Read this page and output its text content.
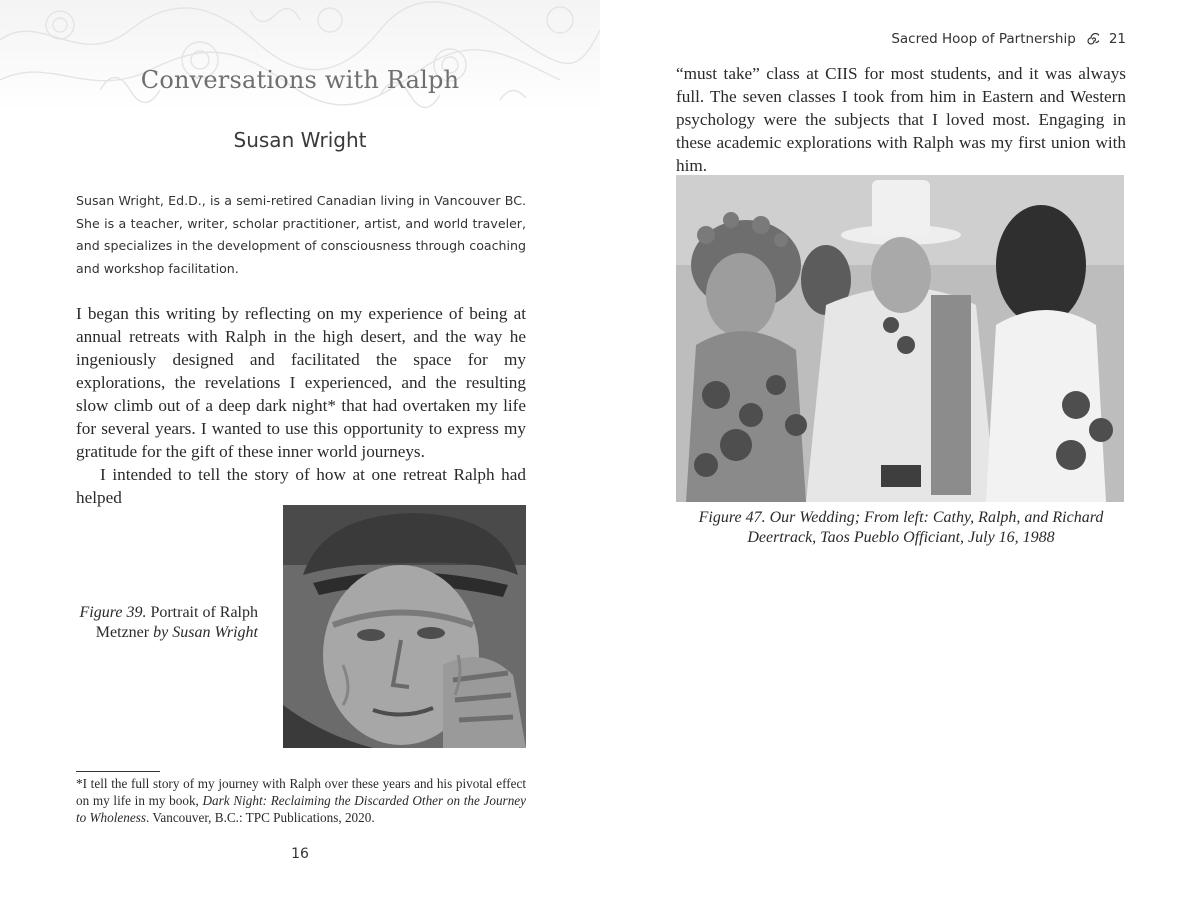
Conversations with Ralph
Susan Wright

Susan Wright, Ed.D., is a semi-retired Canadian living in Vancouver BC. She is a teacher, writer, scholar practitioner, artist, and world traveler, and specializes in the development of consciousness through coaching and workshop facilitation.

I began this writing by reflecting on my experience of being at annual retreats with Ralph in the high desert, and the way he ingeniously designed and facilitated the space for my explorations, the revelations I experienced, and the resulting slow climb out of a deep dark night* that had overtaken my life for several years. I wanted to use this opportunity to express my gratitude for the gift of these inner world journeys.

I intended to tell the story of how at one retreat Ralph had helped

Figure 39. Portrait of Ralph Metzner by Susan Wright

*I tell the full story of my journey with Ralph over these years and his pivotal effect on my life in my book, Dark Night: Reclaiming the Discarded Other on the Journey to Wholeness. Vancouver, B.C.: TPC Publications, 2020.

16
Sacred Hoop of Partnership 21

“must take” class at CIIS for most students, and it was always full. The seven classes I took from him in Eastern and Western psychology were the subjects that I loved most. Engaging in these academic explorations with Ralph was my first union with him.

Figure 47. Our Wedding; From left: Cathy, Ralph, and Richard Deertrack, Taos Pueblo Officiant, July 16, 1988
